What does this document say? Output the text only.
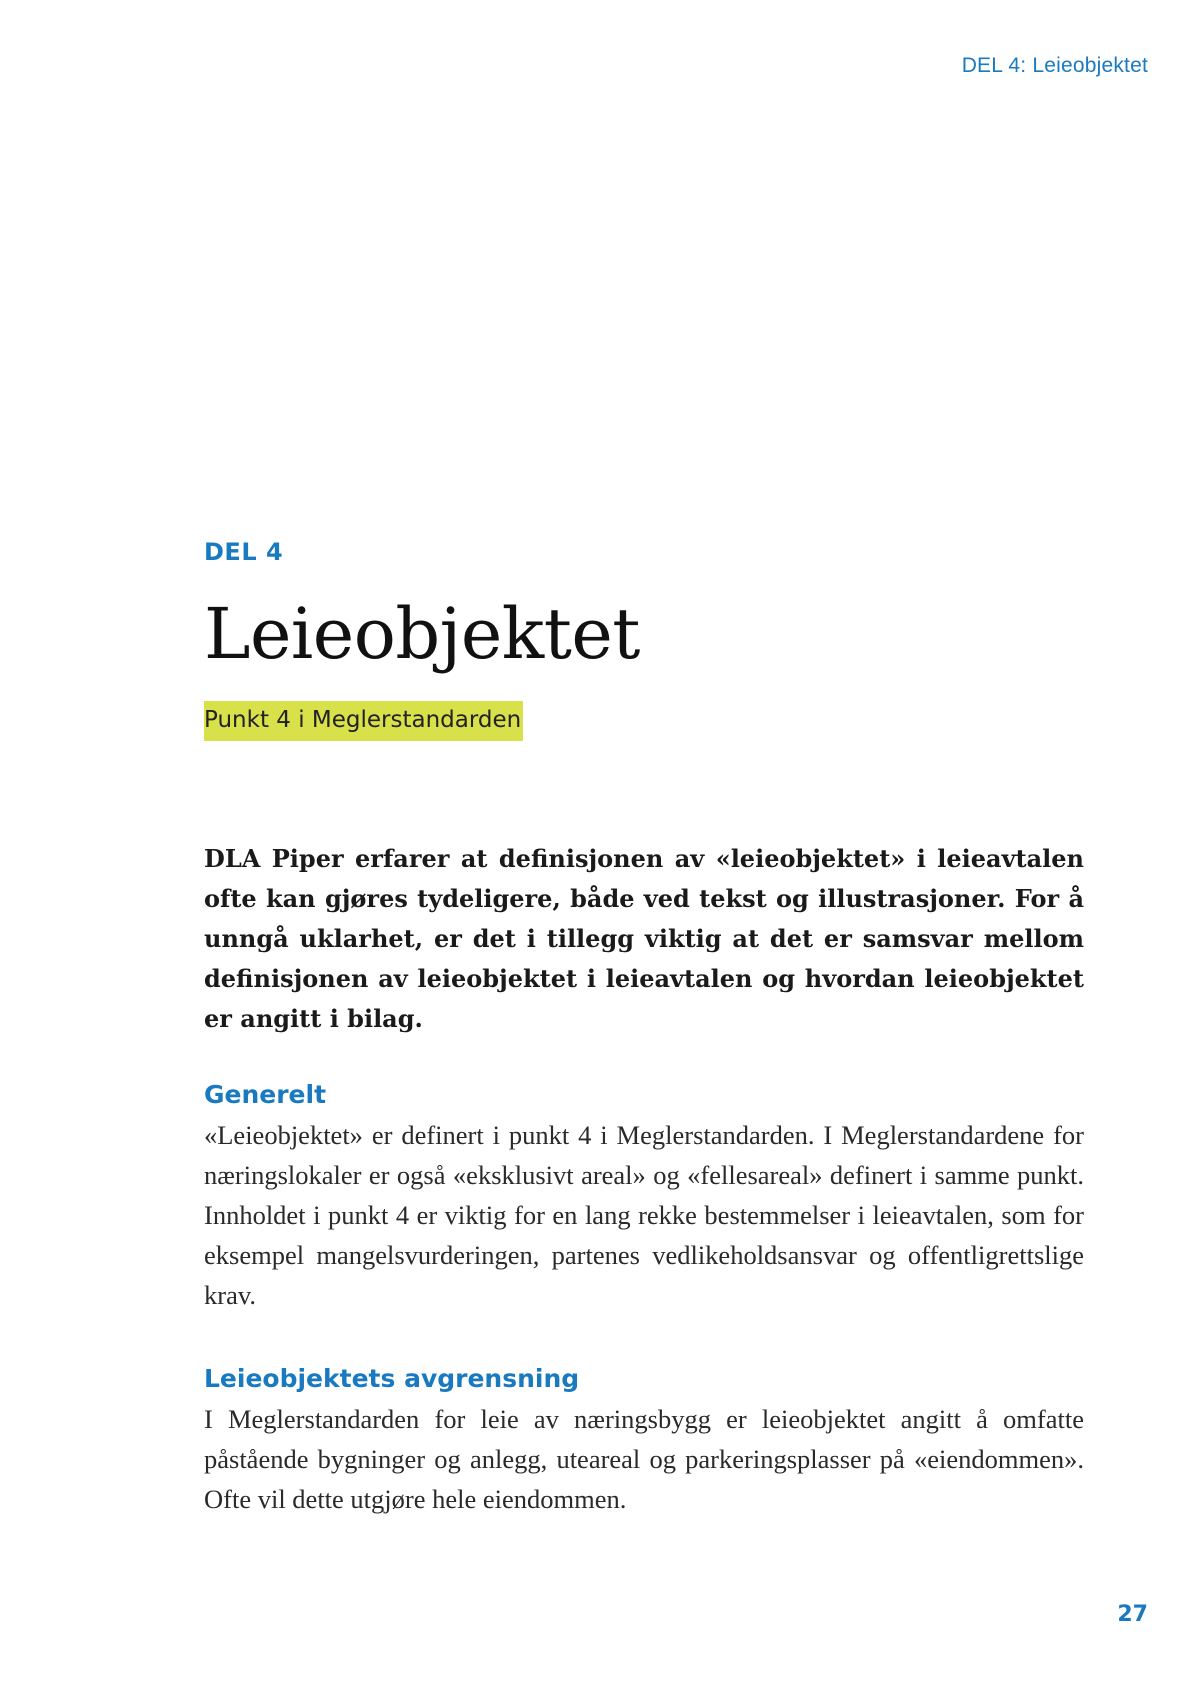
DEL 4: Leieobjektet

DEL 4

Leieobjektet
Punkt 4 i Meglerstandarden

DLA Piper erfarer at definisjonen av «leieobjektet» i leieavtalen ofte kan gjøres tydeligere, både ved tekst og illustrasjoner. For å unngå uklarhet, er det i tillegg viktig at det er samsvar mellom definisjonen av leieobjektet i leieavtalen og hvordan leieobjektet er angitt i bilag.

Generelt

«Leieobjektet» er definert i punkt 4 i Meglerstandarden. I Meglerstandardene for næringslokaler er også «eksklusivt areal» og «fellesareal» definert i samme punkt. Innholdet i punkt 4 er viktig for en lang rekke bestemmelser i leieavtalen, som for eksempel mangelsvurderingen, partenes vedlikeholdsansvar og offentligrettslige krav.

Leieobjektets avgrensning

I Meglerstandarden for leie av næringsbygg er leieobjektet angitt å omfatte påstående bygninger og anlegg, uteareal og parkeringsplasser på «eiendommen». Ofte vil dette utgjøre hele eiendommen.

27
